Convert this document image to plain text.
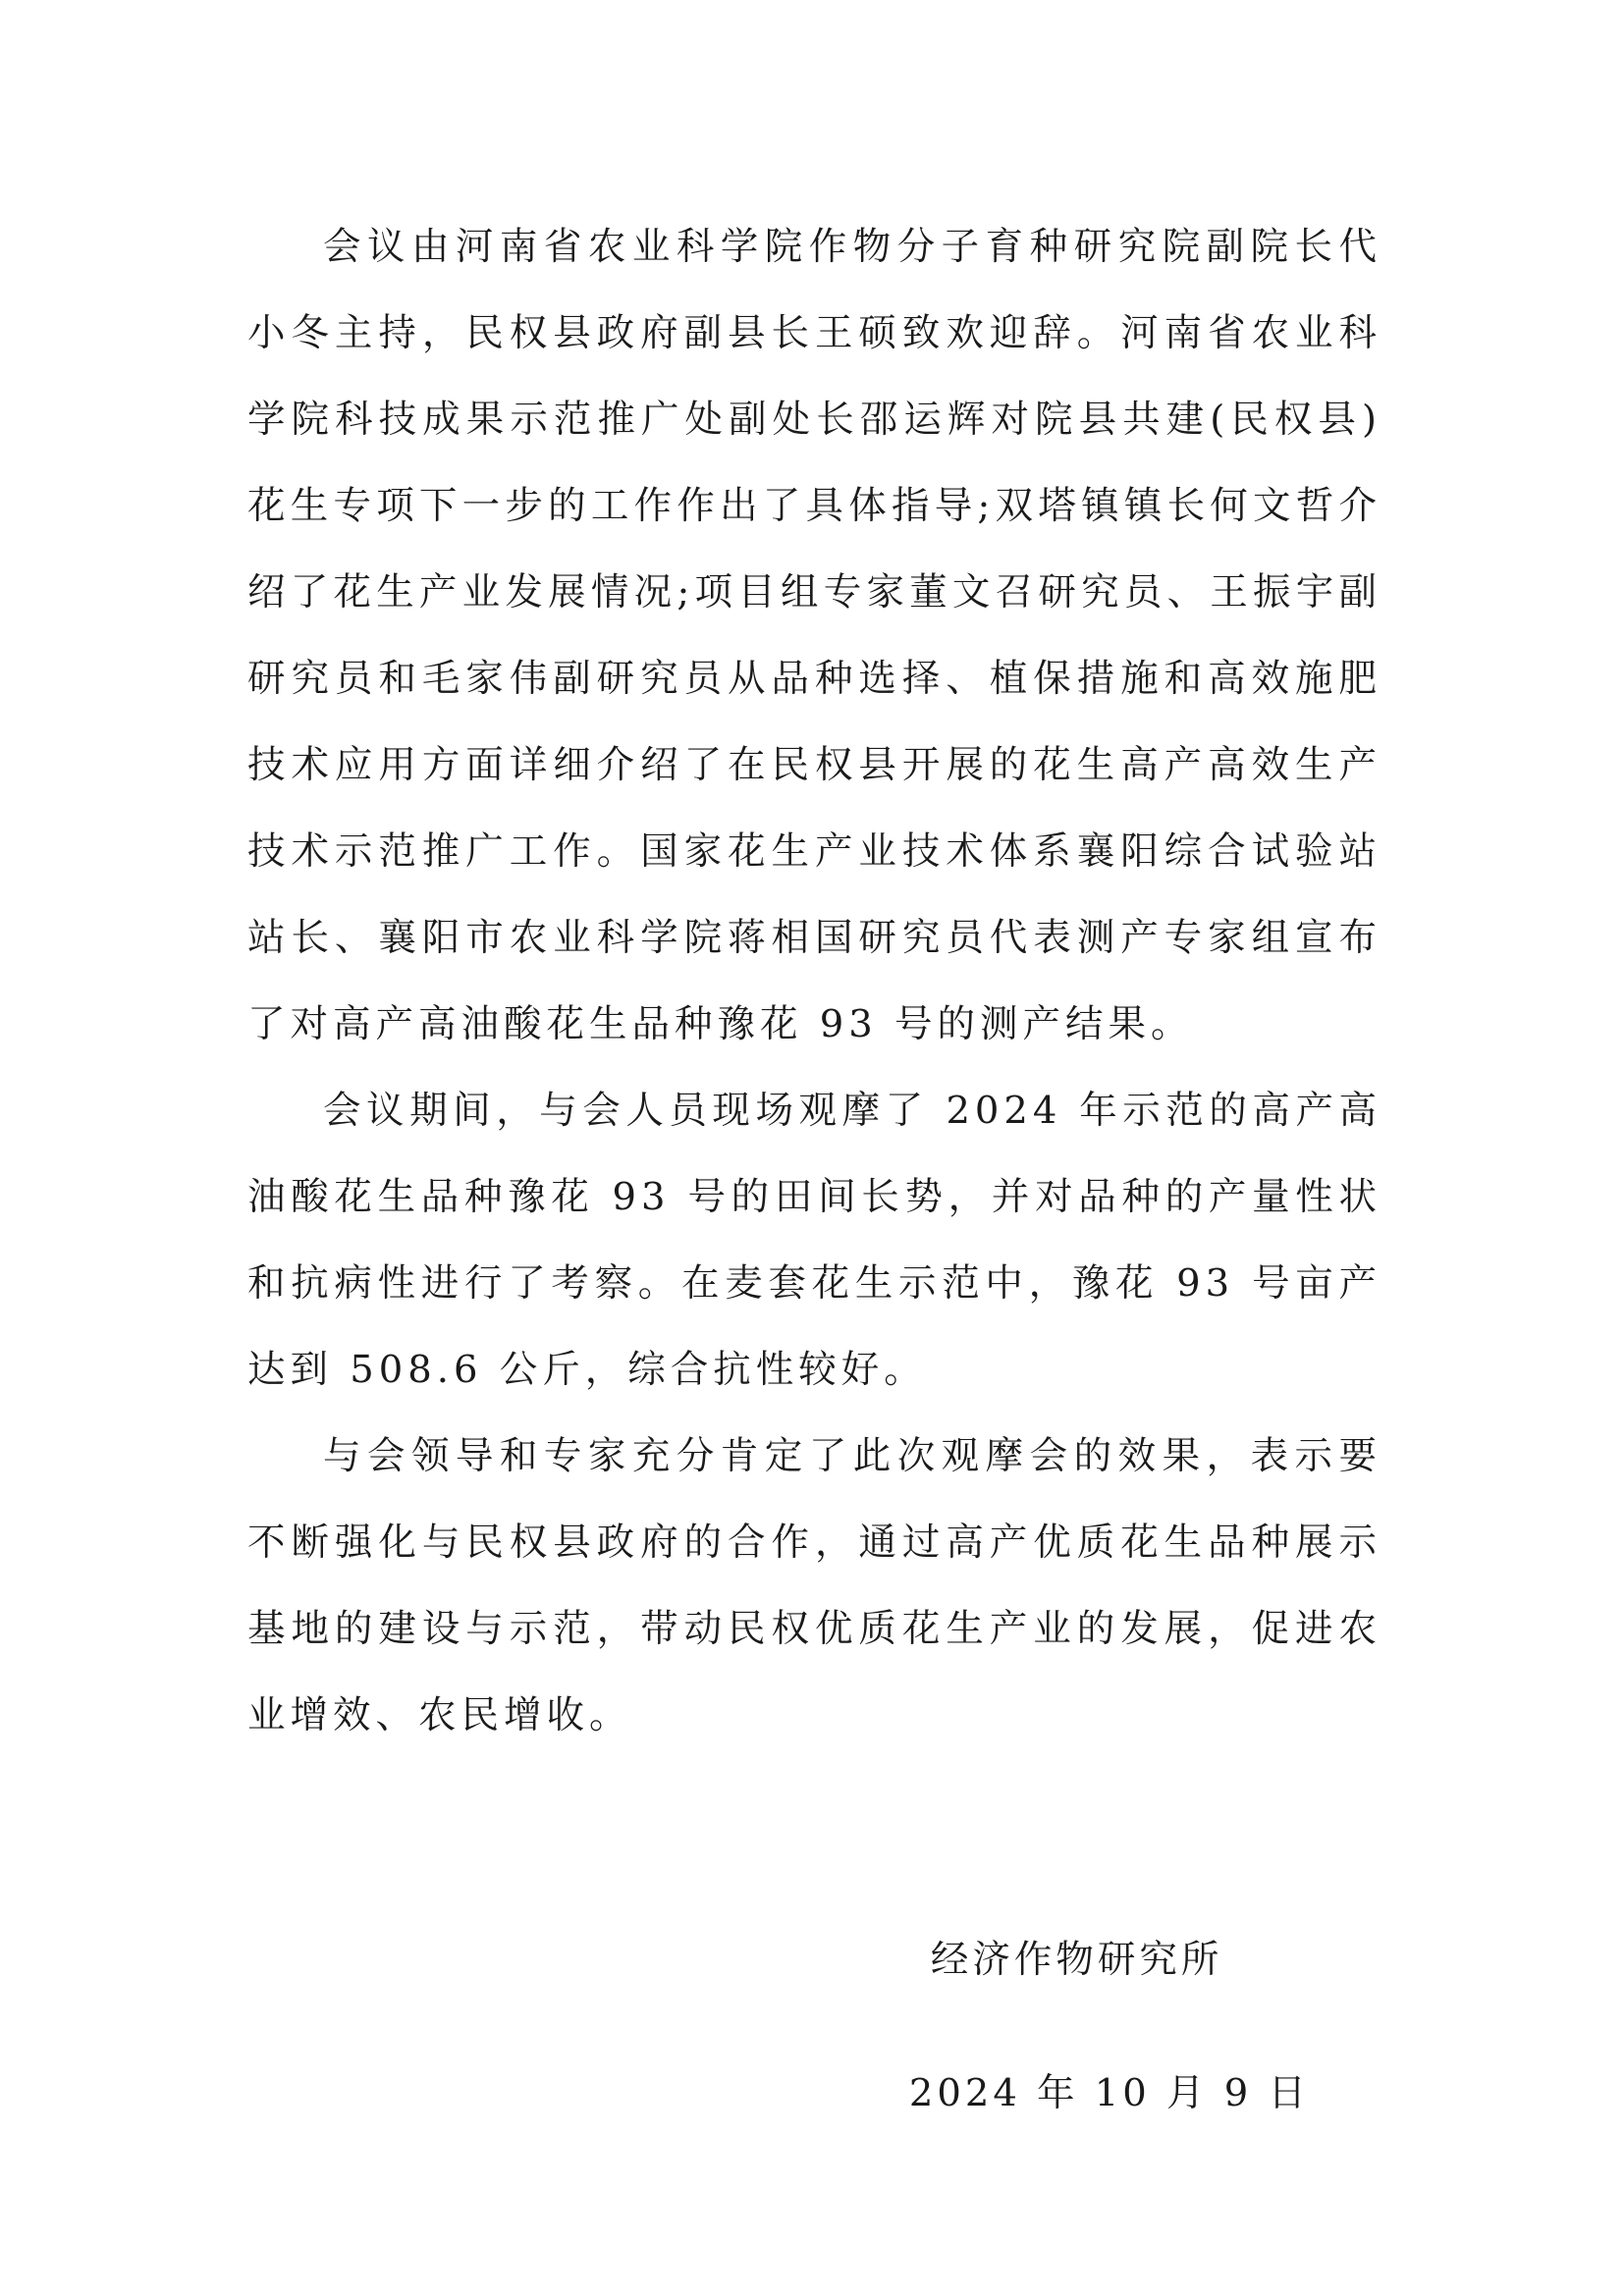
会议由河南省农业科学院作物分子育种研究院副院长代小冬主持，民权县政府副县长王硕致欢迎辞。河南省农业科学院科技成果示范推广处副处长邵运辉对院县共建(民权县)花生专项下一步的工作作出了具体指导;双塔镇镇长何文哲介绍了花生产业发展情况;项目组专家董文召研究员、王振宇副研究员和毛家伟副研究员从品种选择、植保措施和高效施肥技术应用方面详细介绍了在民权县开展的花生高产高效生产技术示范推广工作。国家花生产业技术体系襄阳综合试验站站长、襄阳市农业科学院蒋相国研究员代表测产专家组宣布了对高产高油酸花生品种豫花 93 号的测产结果。

会议期间，与会人员现场观摩了 2024 年示范的高产高油酸花生品种豫花 93 号的田间长势，并对品种的产量性状和抗病性进行了考察。在麦套花生示范中，豫花 93 号亩产达到 508.6 公斤，综合抗性较好。

与会领导和专家充分肯定了此次观摩会的效果，表示要不断强化与民权县政府的合作，通过高产优质花生品种展示基地的建设与示范，带动民权优质花生产业的发展，促进农业增效、农民增收。

经济作物研究所
2024 年 10 月 9 日
